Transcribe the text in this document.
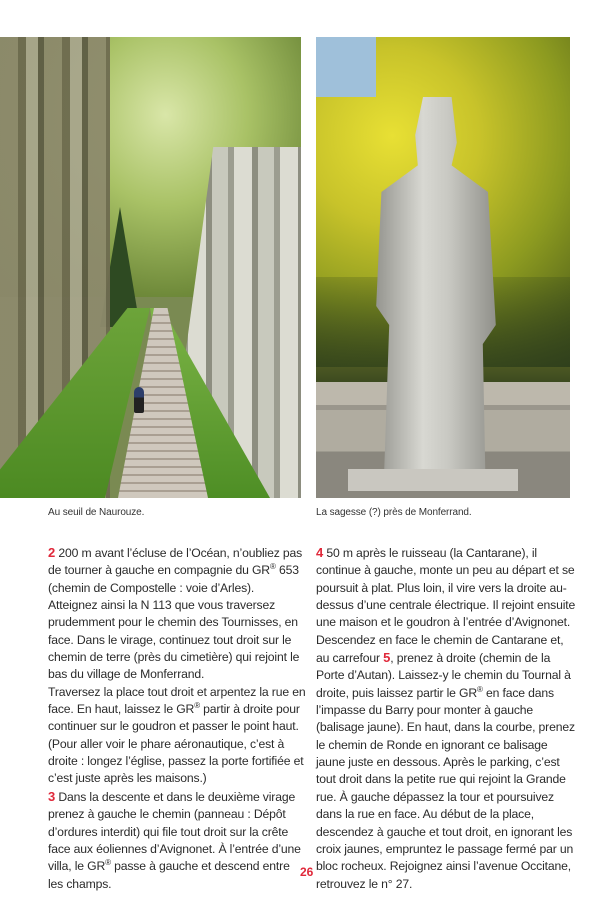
Au seuil de Naurouze.	La sagesse (?) près de Monferrand.

2 200 m avant l’écluse de l’Océan, n’oubliez pas de tourner à gauche en compagnie du GR® 653 (chemin de Compostelle : voie d’Arles). Atteignez ainsi la N 113 que vous traversez prudemment pour le chemin des Tournisses, en face. Dans le virage, continuez tout droit sur le chemin de terre (près du cimetière) qui rejoint le bas du village de Monferrand.

Traversez la place tout droit et arpentez la rue en face. En haut, laissez le GR® partir à droite pour continuer sur le goudron et passer le point haut. (Pour aller voir le phare aéronautique, c’est à droite : longez l’église, passez la porte fortifiée et c’est juste après les maisons.)

3 Dans la descente et dans le deuxième virage prenez à gauche le chemin (panneau : Dépôt d’ordures interdit) qui file tout droit sur la crête face aux éoliennes d’Avignonet. À l’entrée d’une villa, le GR® passe à gauche et descend entre les champs.

4 50 m après le ruisseau (la Cantarane), il continue à gauche, monte un peu au départ et se poursuit à plat. Plus loin, il vire vers la droite au-dessus d’une centrale électrique. Il rejoint ensuite une maison et le goudron à l’entrée d’Avignonet.

Descendez en face le chemin de Cantarane et, au carrefour 5, prenez à droite (chemin de la Porte d’Autan). Laissez-y le chemin du Tournal à droite, puis laissez partir le GR® en face dans l’impasse du Barry pour monter à gauche (balisage jaune). En haut, dans la courbe, prenez le chemin de Ronde en ignorant ce balisage jaune juste en dessous. Après le parking, c’est tout droit dans la petite rue qui rejoint la Grande rue. À gauche dépassez la tour et poursuivez dans la rue en face. Au début de la place, descendez à gauche et tout droit, en ignorant les croix jaunes, empruntez le passage fermé par un bloc rocheux. Rejoignez ainsi l’avenue Occitane, retrouvez le n° 27.

26
